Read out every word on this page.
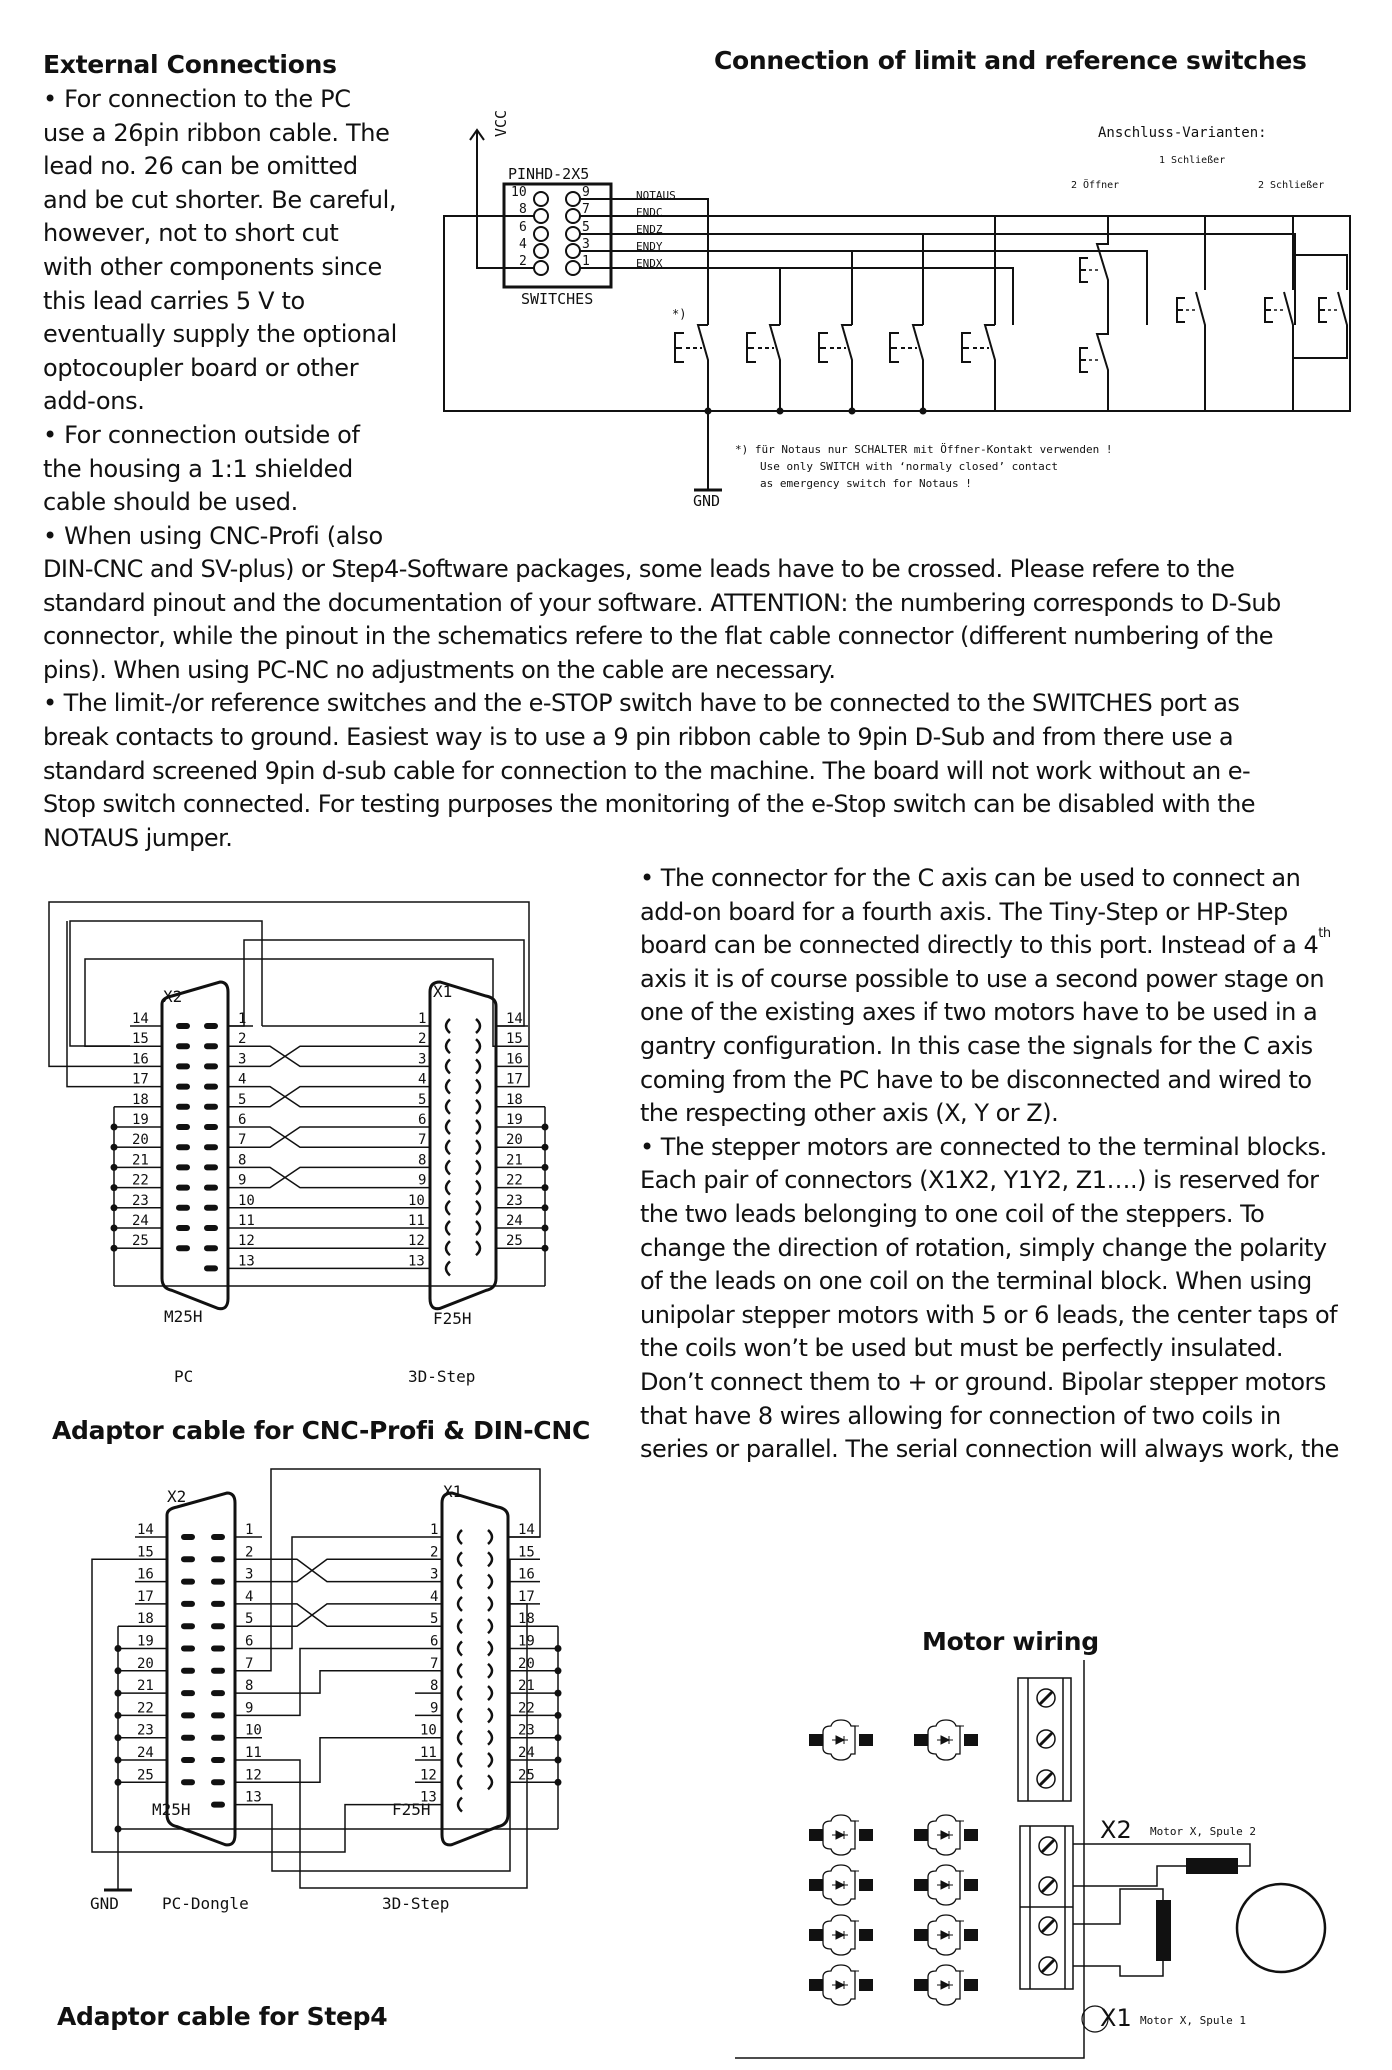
External Connections	Connection of limit and reference switches
Adaptor cable for CNC-Profi & DIN-CNC
Adaptor cable for Step4
Motor wiring
• For connection to the PC
use a 26pin ribbon cable. The
lead no. 26 can be omitted
and be cut shorter. Be careful,
however, not to short cut
with other components since
this lead carries 5 V to
eventually supply the optional
optocoupler board or other
add-ons.
• For connection outside of
the housing a 1:1 shielded
cable should be used.
• When using CNC-Profi (also
DIN-CNC and SV-plus) or Step4-Software packages, some leads have to be crossed. Please refere to the
standard pinout and the documentation of your software. ATTENTION: the numbering corresponds to D-Sub
connector, while the pinout in the schematics refere to the flat cable connector (different numbering of the
pins). When using PC-NC no adjustments on the cable are necessary.
• The limit-/or reference switches and the e-STOP switch have to be connected to the SWITCHES port as
break contacts to ground. Easiest way is to use a 9 pin ribbon cable to 9pin D-Sub and from there use a
standard screened 9pin d-sub cable for connection to the machine. The board will not work without an e-
Stop switch connected. For testing purposes the monitoring of the e-Stop switch can be disabled with the
NOTAUS jumper.
• The connector for the C axis can be used to connect an
add-on board for a fourth axis. The Tiny-Step or HP-Step
board can be connected directly to this port. Instead of a 4th
axis it is of course possible to use a second power stage on
one of the existing axes if two motors have to be used in a
gantry configuration. In this case the signals for the C axis
coming from the PC have to be disconnected and wired to
the respecting other axis (X, Y or Z).
• The stepper motors are connected to the terminal blocks.
Each pair of connectors (X1X2, Y1Y2, Z1….) is reserved for
the two leads belonging to one coil of the steppers. To
change the direction of rotation, simply change the polarity
of the leads on one coil on the terminal block. When using
unipolar stepper motors with 5 or 6 leads, the center taps of
the coils won’t be used but must be perfectly insulated.
Don’t connect them to + or ground. Bipolar stepper motors
that have 8 wires allowing for connection of two coils in
series or parallel. The serial connection will always work, the
VCC
PINHD-2X5
SWITCHES
NOTAUS
ENDC
ENDZ
ENDY
ENDX
10	9
8	7
6	5
4	3
2	1
*)
GND
*) für Notaus nur SCHALTER mit Öffner-Kontakt verwenden !
Use only SWITCH with ‘normaly closed’ contact
as emergency switch for Notaus !
Anschluss-Varianten:
1 Schließer
2 Öffner	2 Schließer
1	1
2	2
3	3
4	4
5	5
6	6
7	7
8	8
9	9
10	10
11	11
12	12
13	13
14	14
15	15
16	16
17	17
18	18
19	19
20	20
21	21
22	22
23	23
24	24
25	25
1	1
2	2
3	3
4	4
5	5
6	6
7	7
8	8
9	9
10	10
11	11
12	12
13	13
14	14
15	15
16	16
17	17
18	18
19	19
20	20
21	21
22	22
23	23
24	24
25	25
X2	X1
M25H	F25H
PC	3D-Step
X2	X1
M25H	F25H
GND	PC-Dongle	3D-Step
X2
X1
Motor X, Spule 2
Motor X, Spule 1
